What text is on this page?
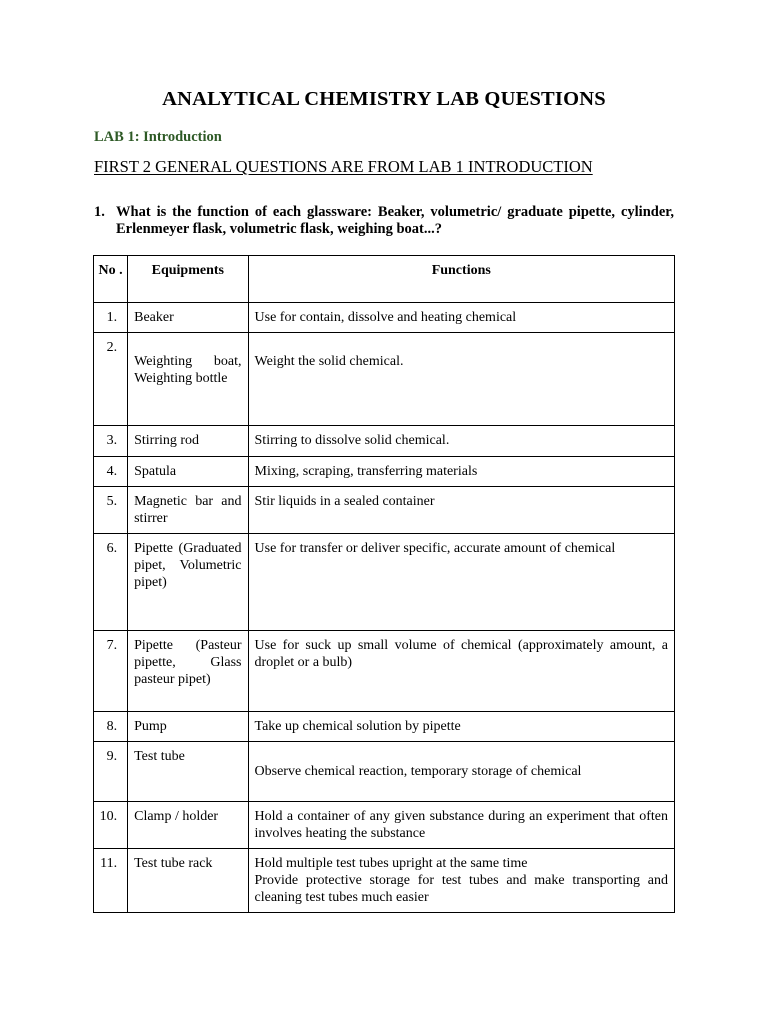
ANALYTICAL CHEMISTRY LAB QUESTIONS
LAB 1: Introduction
FIRST 2 GENERAL QUESTIONS ARE FROM LAB 1 INTRODUCTION
1. What is the function of each glassware: Beaker, volumetric/ graduate pipette, cylinder, Erlenmeyer flask, volumetric flask, weighing boat...?
No .	Equipments	Functions

1.	Beaker	Use for contain, dissolve and heating chemical

2.	Weighting boat, Weighting bottle	Weight the solid chemical.

3.	Stirring rod	Stirring to dissolve solid chemical.

4.	Spatula	Mixing, scraping, transferring materials

5.	Magnetic bar and stirrer	Stir liquids in a sealed container

6.	Pipette (Graduated pipet, Volumetric pipet)	Use for transfer or deliver specific, accurate amount of chemical

7.	Pipette (Pasteur pipette, Glass pasteur pipet)	Use for suck up small volume of chemical (approximately amount, a droplet or a bulb)

8.	Pump	Take up chemical solution by pipette

9.	Test tube	Observe chemical reaction, temporary storage of chemical

10.	Clamp / holder	Hold a container of any given substance during an experiment that often involves heating the substance

11.	Test tube rack	Hold multiple test tubes upright at the same time
Provide protective storage for test tubes and make transporting and cleaning test tubes much easier
